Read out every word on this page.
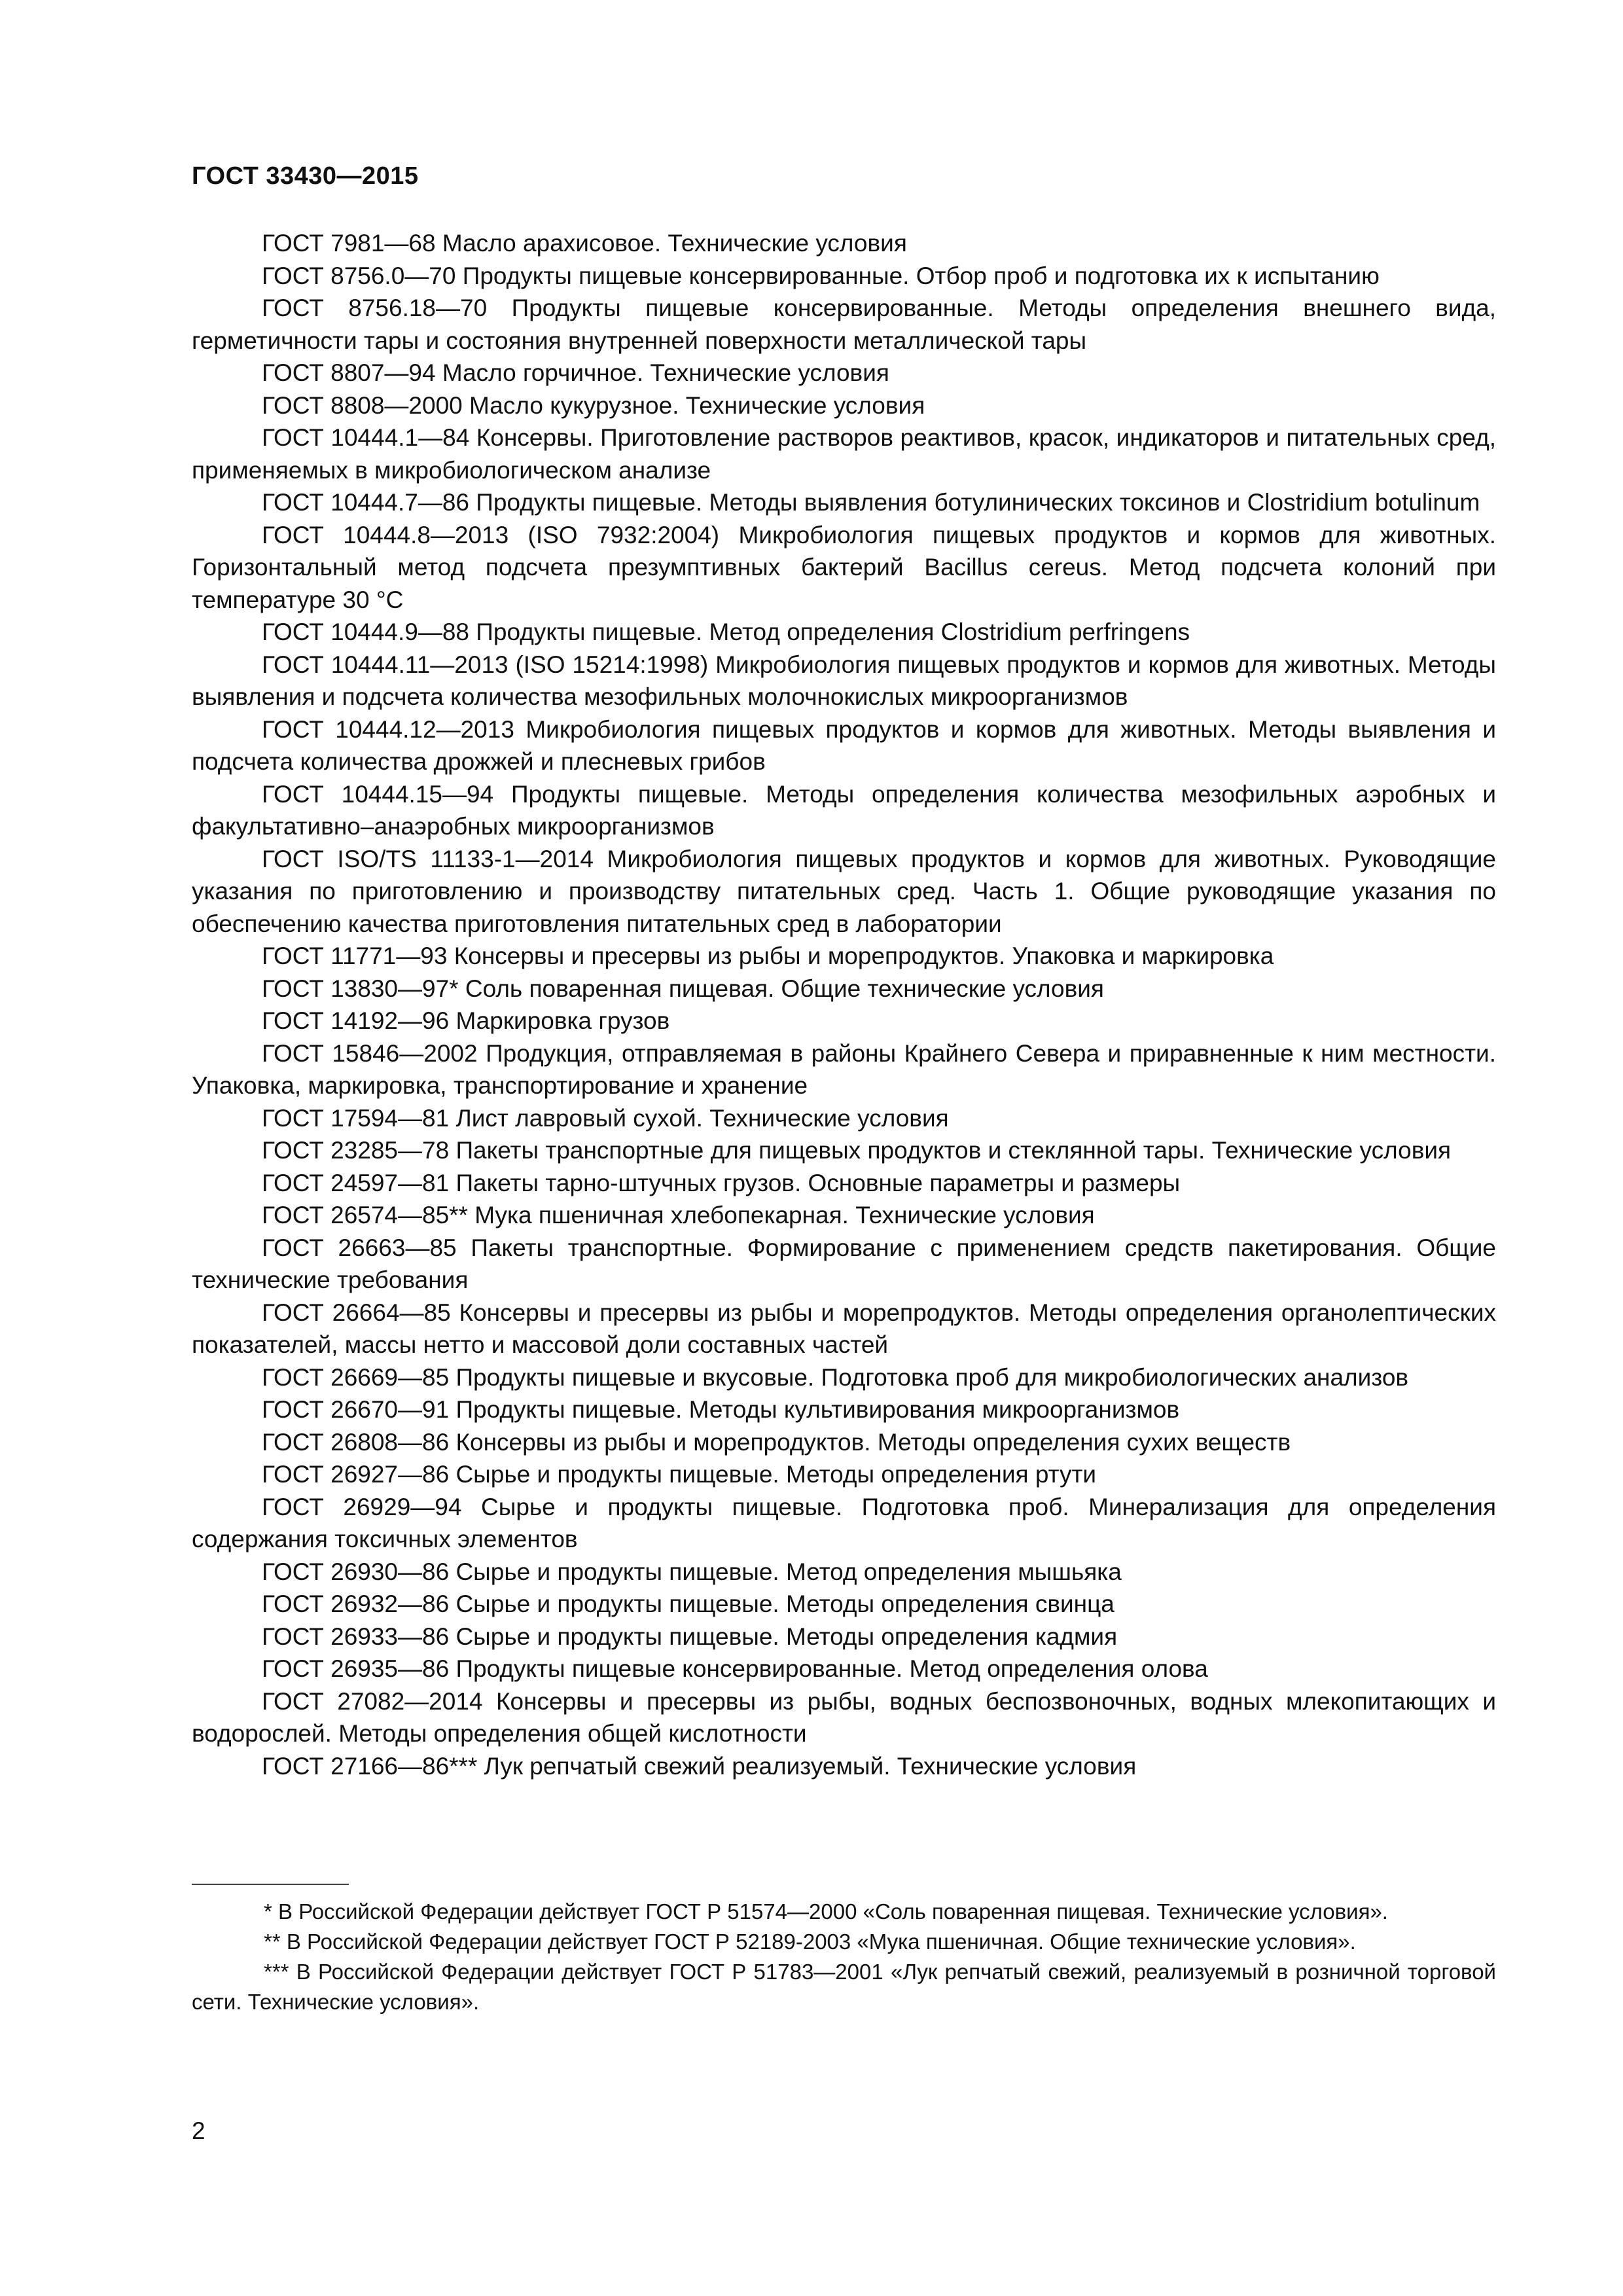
ГОСТ 33430—2015

ГОСТ 7981—68 Масло арахисовое. Технические условия

ГОСТ 8756.0—70 Продукты пищевые консервированные. Отбор проб и подготовка их к испытанию

ГОСТ 8756.18—70 Продукты пищевые консервированные. Методы определения внешнего вида, герметичности тары и состояния внутренней поверхности металлической тары

ГОСТ 8807—94 Масло горчичное. Технические условия

ГОСТ 8808—2000 Масло кукурузное. Технические условия

ГОСТ 10444.1—84 Консервы. Приготовление растворов реактивов, красок, индикаторов и питательных сред, применяемых в микробиологическом анализе

ГОСТ 10444.7—86 Продукты пищевые. Методы выявления ботулинических токсинов и Clostridium botulinum

ГОСТ 10444.8—2013 (ISO 7932:2004) Микробиология пищевых продуктов и кормов для животных. Горизонтальный метод подсчета презумптивных бактерий Bacillus cereus. Метод подсчета колоний при температуре 30 °С

ГОСТ 10444.9—88 Продукты пищевые. Метод определения Clostridium perfringens

ГОСТ 10444.11—2013 (ISO 15214:1998) Микробиология пищевых продуктов и кормов для животных. Методы выявления и подсчета количества мезофильных молочнокислых микроорганизмов

ГОСТ 10444.12—2013 Микробиология пищевых продуктов и кормов для животных. Методы выявления и подсчета количества дрожжей и плесневых грибов

ГОСТ 10444.15—94 Продукты пищевые. Методы определения количества мезофильных аэробных и факультативно–анаэробных микроорганизмов

ГОСТ ISO/TS 11133-1—2014 Микробиология пищевых продуктов и кормов для животных. Руководящие указания по приготовлению и производству питательных сред. Часть 1. Общие руководящие указания по обеспечению качества приготовления питательных сред в лаборатории

ГОСТ 11771—93 Консервы и пресервы из рыбы и морепродуктов. Упаковка и маркировка

ГОСТ 13830—97* Соль поваренная пищевая. Общие технические условия

ГОСТ 14192—96 Маркировка грузов

ГОСТ 15846—2002 Продукция, отправляемая в районы Крайнего Севера и приравненные к ним местности. Упаковка, маркировка, транспортирование и хранение

ГОСТ 17594—81 Лист лавровый сухой. Технические условия

ГОСТ 23285—78 Пакеты транспортные для пищевых продуктов и стеклянной тары. Технические условия

ГОСТ 24597—81 Пакеты тарно-штучных грузов. Основные параметры и размеры

ГОСТ 26574—85** Мука пшеничная хлебопекарная. Технические условия

ГОСТ 26663—85 Пакеты транспортные. Формирование с применением средств пакетирования. Общие технические требования

ГОСТ 26664—85 Консервы и пресервы из рыбы и морепродуктов. Методы определения органолептических показателей, массы нетто и массовой доли составных частей

ГОСТ 26669—85 Продукты пищевые и вкусовые. Подготовка проб для микробиологических анализов

ГОСТ 26670—91 Продукты пищевые. Методы культивирования микроорганизмов

ГОСТ 26808—86 Консервы из рыбы и морепродуктов. Методы определения сухих веществ

ГОСТ 26927—86 Сырье и продукты пищевые. Методы определения ртути

ГОСТ 26929—94 Сырье и продукты пищевые. Подготовка проб. Минерализация для определения содержания токсичных элементов

ГОСТ 26930—86 Сырье и продукты пищевые. Метод определения мышьяка

ГОСТ 26932—86 Сырье и продукты пищевые. Методы определения свинца

ГОСТ 26933—86 Сырье и продукты пищевые. Методы определения кадмия

ГОСТ 26935—86 Продукты пищевые консервированные. Метод определения олова

ГОСТ 27082—2014 Консервы и пресервы из рыбы, водных беспозвоночных, водных млекопитающих и водорослей. Методы определения общей кислотности

ГОСТ 27166—86*** Лук репчатый свежий реализуемый. Технические условия

* В Российской Федерации действует ГОСТ Р 51574—2000 «Соль поваренная пищевая. Технические условия».

** В Российской Федерации действует ГОСТ Р 52189-2003 «Мука пшеничная. Общие технические условия».

*** В Российской Федерации действует ГОСТ Р 51783—2001 «Лук репчатый свежий, реализуемый в розничной торговой сети. Технические условия».

2
